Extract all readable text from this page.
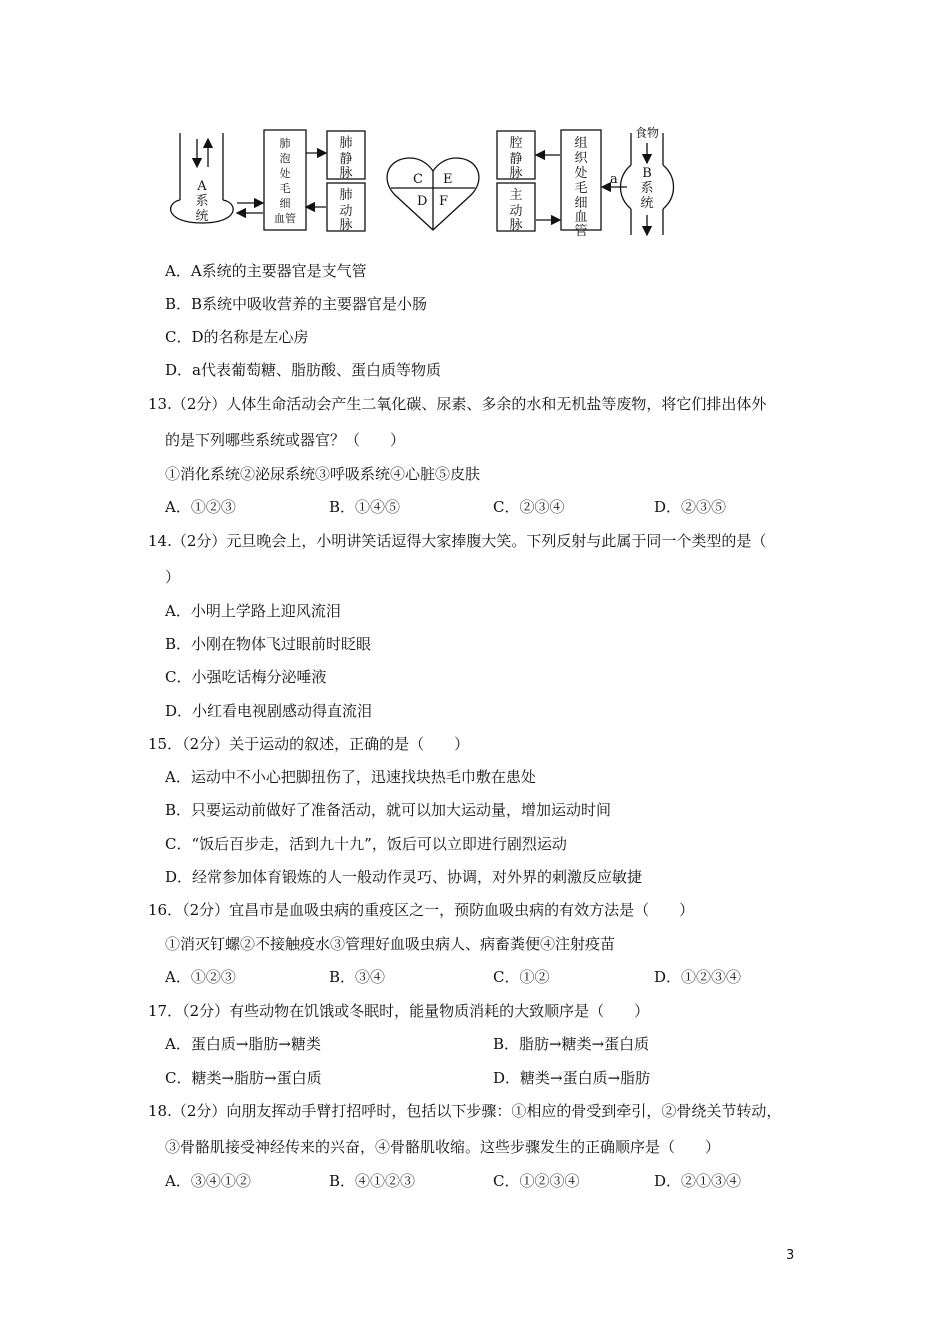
A
系
统
肺
泡
处
毛
细
血管
肺
静
脉
肺
动
脉
C E
D F
腔
静
脉
主
动
脉
组
织
处
毛
细
血
管
a
食物
B
系
统
A．A系统的主要器官是支气管
B．B系统中吸收营养的主要器官是小肠
C．D的名称是左心房
D．a代表葡萄糖、脂肪酸、蛋白质等物质
13.（2分）人体生命活动会产生二氧化碳、尿素、多余的水和无机盐等废物，将它们排出体外
的是下列哪些系统或器官？（　　）
①消化系统②泌尿系统③呼吸系统④心脏⑤皮肤
A．①②③	B．①④⑤	C．②③④	D．②③⑤
14.（2分）元旦晚会上，小明讲笑话逗得大家捧腹大笑。下列反射与此属于同一个类型的是（
）
A．小明上学路上迎风流泪
B．小刚在物体飞过眼前时眨眼
C．小强吃话梅分泌唾液
D．小红看电视剧感动得直流泪
15．（2分）关于运动的叙述，正确的是（　　）
A．运动中不小心把脚扭伤了，迅速找块热毛巾敷在患处
B．只要运动前做好了准备活动，就可以加大运动量，增加运动时间
C．“饭后百步走，活到九十九”，饭后可以立即进行剧烈运动
D．经常参加体育锻炼的人一般动作灵巧、协调，对外界的刺激反应敏捷
16．（2分）宜昌市是血吸虫病的重疫区之一，预防血吸虫病的有效方法是（　　）
①消灭钉螺②不接触疫水③管理好血吸虫病人、病畜粪便④注射疫苗
A．①②③	B．③④	C．①②	D．①②③④
17．（2分）有些动物在饥饿或冬眠时，能量物质消耗的大致顺序是（　　）
A．蛋白质→脂肪→糖类	B．脂肪→糖类→蛋白质
C．糖类→脂肪→蛋白质	D．糖类→蛋白质→脂肪
18.（2分）向朋友挥动手臂打招呼时，包括以下步骤：①相应的骨受到牵引，②骨绕关节转动，
③骨骼肌接受神经传来的兴奋，④骨骼肌收缩。这些步骤发生的正确顺序是（　　）
A．③④①②	B．④①②③	C．①②③④	D．②①③④
3
